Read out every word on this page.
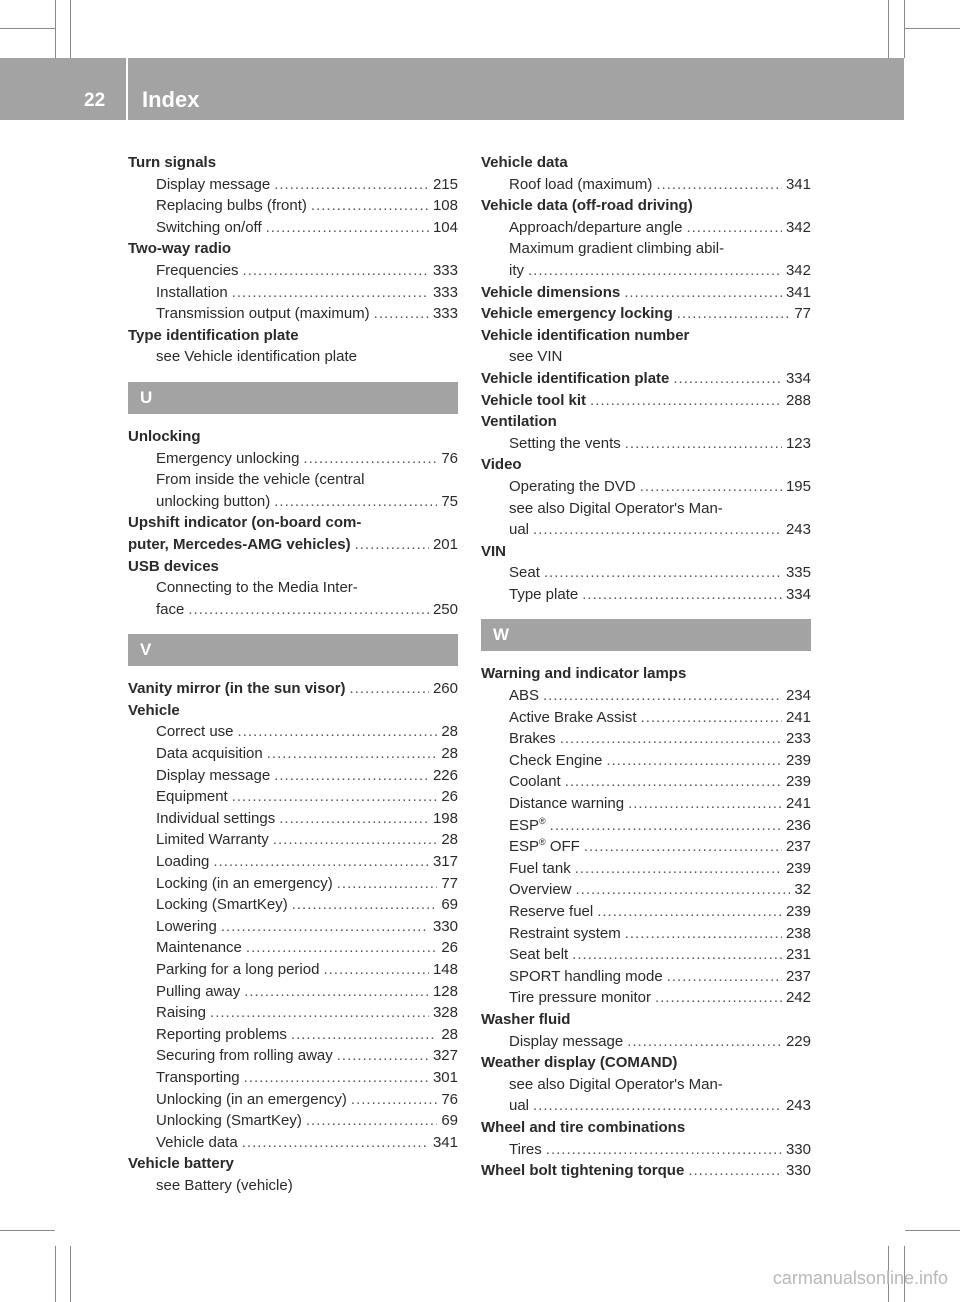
22 Index
Turn signals
Display message .....	215
Replacing bulbs (front) .....	108
Switching on/off .....	104
Two-way radio
Frequencies .....	333
Installation .....	333
Transmission output (maximum) .....	333
Type identification plate
see Vehicle identification plate
U
Unlocking
Emergency unlocking .....	76
From inside the vehicle (central
unlocking button) .....	75
Upshift indicator (on-board com-
puter, Mercedes-AMG vehicles) .....	201
USB devices
Connecting to the Media Inter-
face .....	250
V
Vanity mirror (in the sun visor) .....	260
Vehicle
Correct use .....	28
Data acquisition .....	28
Display message .....	226
Equipment .....	26
Individual settings .....	198
Limited Warranty .....	28
Loading .....	317
Locking (in an emergency) .....	77
Locking (SmartKey) .....	69
Lowering .....	330
Maintenance .....	26
Parking for a long period .....	148
Pulling away .....	128
Raising .....	328
Reporting problems .....	28
Securing from rolling away .....	327
Transporting .....	301
Unlocking (in an emergency) .....	76
Unlocking (SmartKey) .....	69
Vehicle data .....	341
Vehicle battery
see Battery (vehicle)
Vehicle data
Roof load (maximum) .....	341
Vehicle data (off-road driving)
Approach/departure angle .....	342
Maximum gradient climbing abil-
ity .....	342
Vehicle dimensions .....	341
Vehicle emergency locking .....	77
Vehicle identification number
see VIN
Vehicle identification plate .....	334
Vehicle tool kit .....	288
Ventilation
Setting the vents .....	123
Video
Operating the DVD .....	195
see also Digital Operator's Man-
ual .....	243
VIN
Seat .....	335
Type plate .....	334
W
Warning and indicator lamps
ABS .....	234
Active Brake Assist .....	241
Brakes .....	233
Check Engine .....	239
Coolant .....	239
Distance warning .....	241
ESP® .....	236
ESP® OFF .....	237
Fuel tank .....	239
Overview .....	32
Reserve fuel .....	239
Restraint system .....	238
Seat belt .....	231
SPORT handling mode .....	237
Tire pressure monitor .....	242
Washer fluid
Display message .....	229
Weather display (COMAND)
see also Digital Operator's Man-
ual .....	243
Wheel and tire combinations
Tires .....	330
Wheel bolt tightening torque .....	330
carmanualsonline.info
